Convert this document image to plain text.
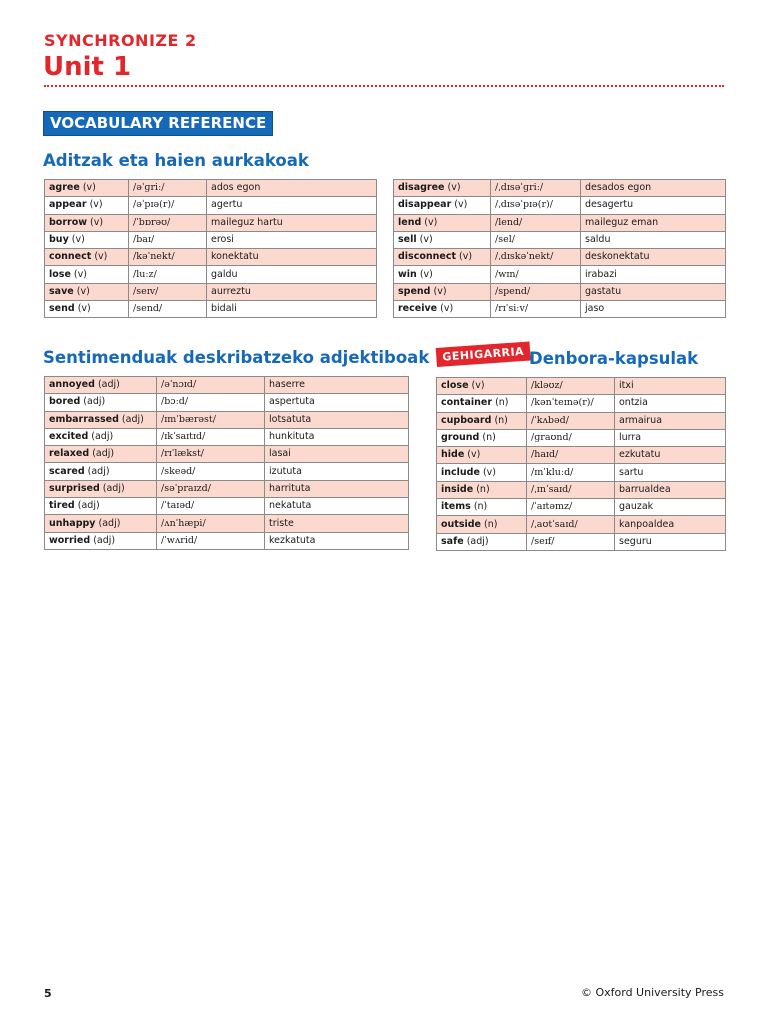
SYNCHRONIZE 2
Unit 1
VOCABULARY REFERENCE
Aditzak eta haien aurkakoak
agree (v)	/əˈɡriː/	ados egon
appear (v)	/əˈpɪə(r)/	agertu
borrow (v)	/ˈbɒrəʊ/	maileguz hartu
buy (v)	/baɪ/	erosi
connect (v)	/kəˈnekt/	konektatu
lose (v)	/luːz/	galdu
save (v)	/seɪv/	aurreztu
send (v)	/send/	bidali
disagree (v)	/ˌdɪsəˈɡriː/	desados egon
disappear (v)	/ˌdɪsəˈpɪə(r)/	desagertu
lend (v)	/lend/	maileguz eman
sell (v)	/sel/	saldu
disconnect (v)	/ˌdɪskəˈnekt/	deskonektatu
win (v)	/wɪn/	irabazi
spend (v)	/spend/	gastatu
receive (v)	/rɪˈsiːv/	jaso
Sentimenduak deskribatzeko adjektiboak
annoyed (adj)	/əˈnɔɪd/	haserre
bored (adj)	/bɔːd/	aspertuta
embarrassed (adj)	/ɪmˈbærəst/	lotsatuta
excited (adj)	/ɪkˈsaɪtɪd/	hunkituta
relaxed (adj)	/rɪˈlækst/	lasai
scared (adj)	/skeəd/	izututa
surprised (adj)	/səˈpraɪzd/	harrituta
tired (adj)	/ˈtaɪəd/	nekatuta
unhappy (adj)	/ʌnˈhæpi/	triste
worried (adj)	/ˈwʌrid/	kezkatuta
GEHIGARRIA Denbora-kapsulak
close (v)	/kləʊz/	itxi
container (n)	/kənˈteɪnə(r)/	ontzia
cupboard (n)	/ˈkʌbəd/	armairua
ground (n)	/ɡraʊnd/	lurra
hide (v)	/haɪd/	ezkutatu
include (v)	/ɪnˈkluːd/	sartu
inside (n)	/ˌɪnˈsaɪd/	barrualdea
items (n)	/ˈaɪtəmz/	gauzak
outside (n)	/ˌaʊtˈsaɪd/	kanpoaldea
safe (adj)	/seɪf/	seguru
5	© Oxford University Press
